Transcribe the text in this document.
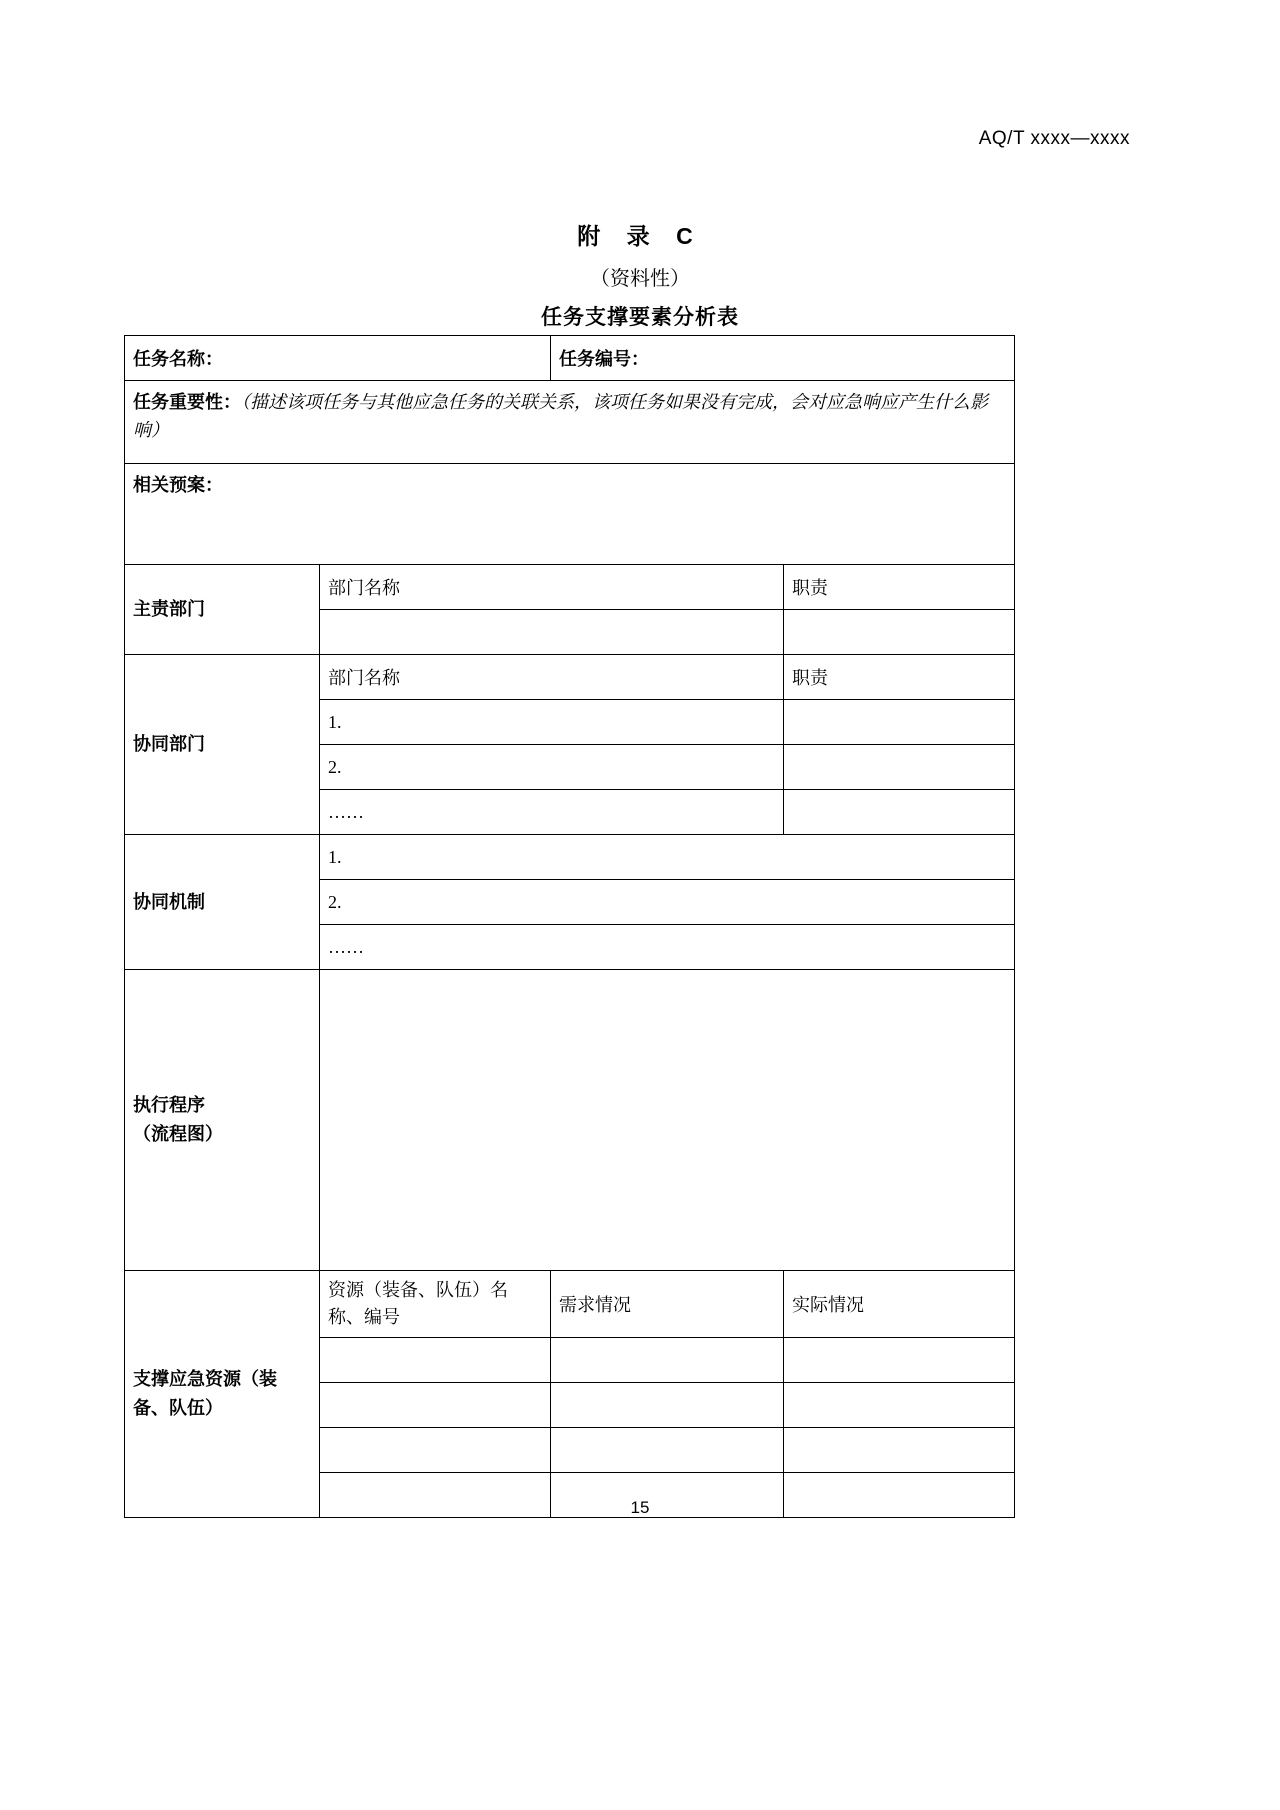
AQ/T xxxx—xxxx
附 录 C
（资料性）
任务支撑要素分析表
任务名称：		任务编号：	
任务重要性：（描述该项任务与其他应急任务的关联关系，该项任务如果没有完成，会对应急响应产生什么影响）			
相关预案：			
主责部门	部门名称		职责

协同部门	部门名称		职责
	1.		
	2.		
	……		
协同机制	1.		
	2.		
	……		

执行程序
（流程图）			

支撑应急资源（装
备、队伍）	资源（装备、队伍）名称、编号	需求情况	实际情况

15
